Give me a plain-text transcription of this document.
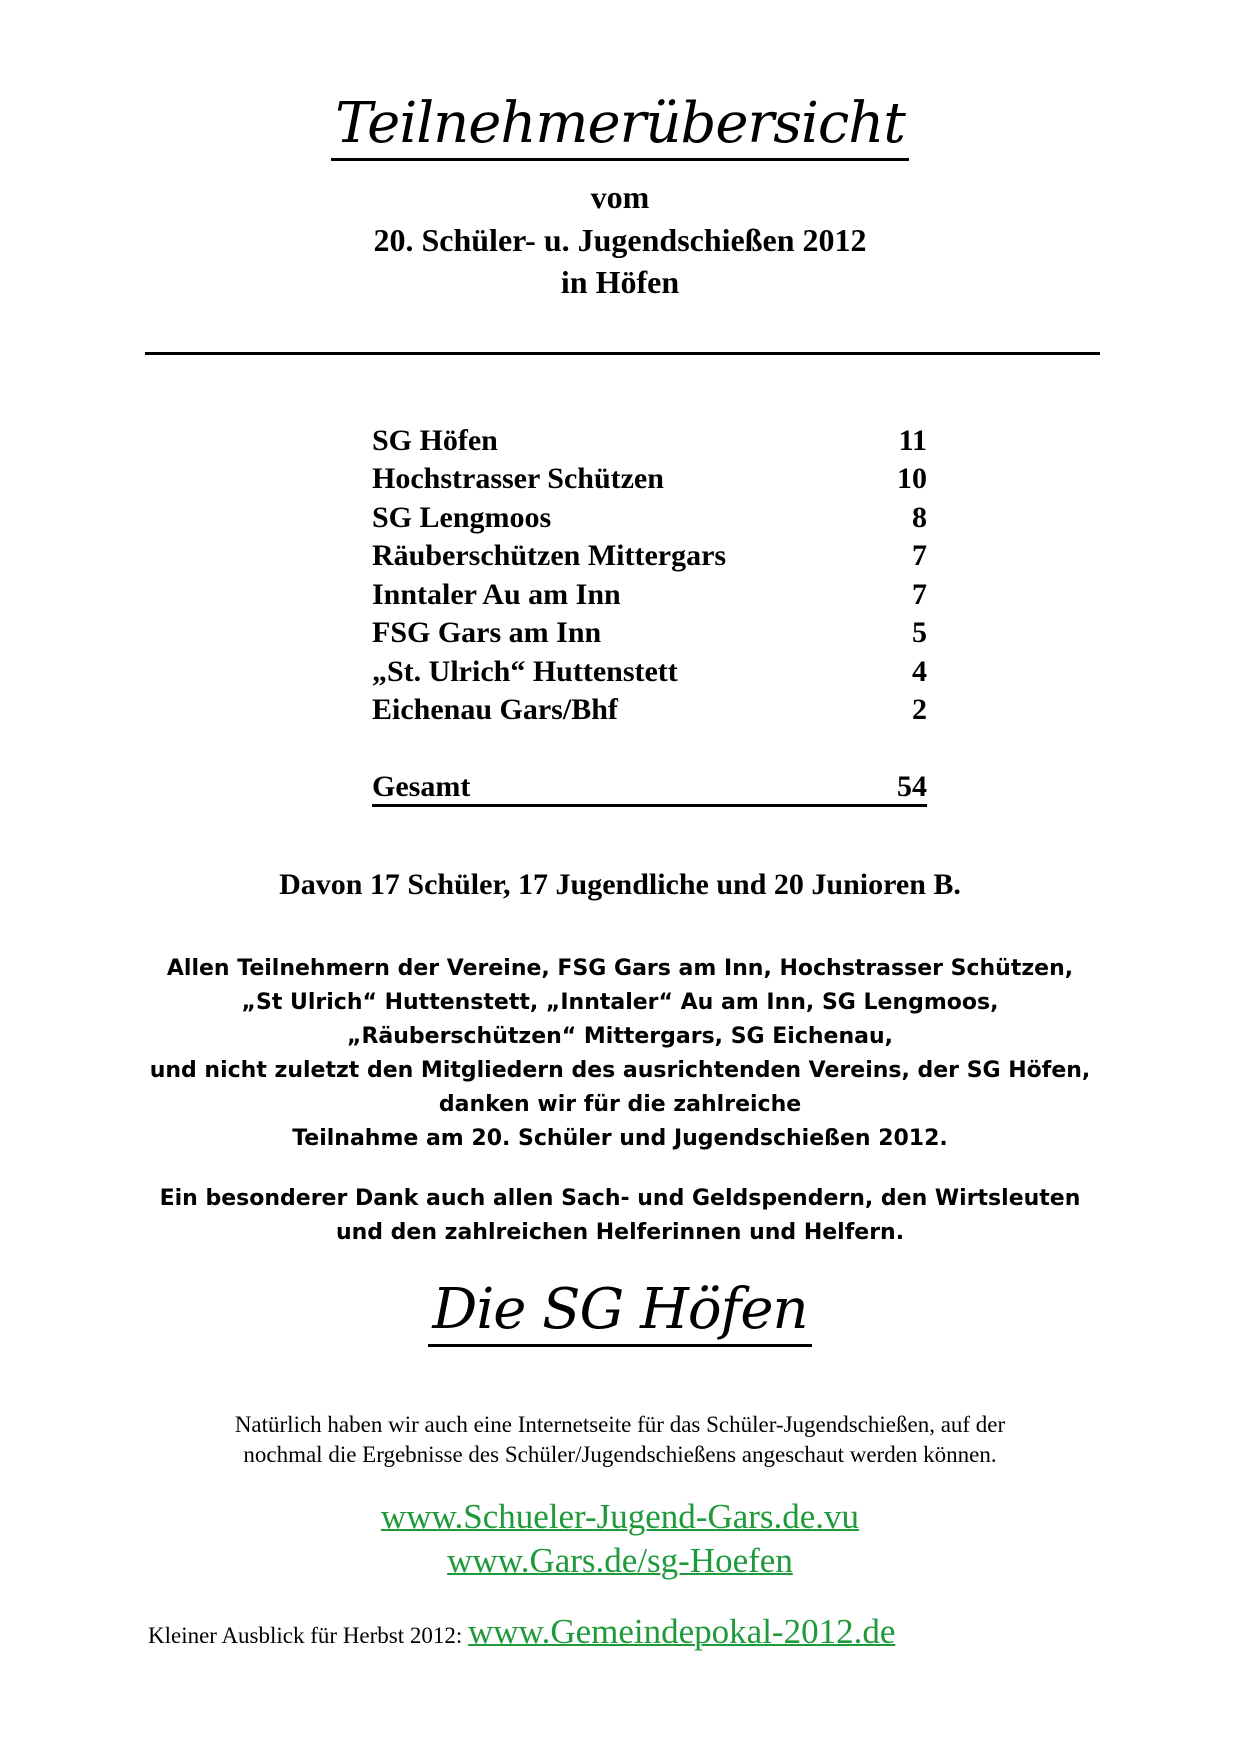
Teilnehmerübersicht
vom
20. Schüler- u. Jugendschießen 2012
in Höfen
SG Höfen	11
Hochstrasser Schützen	10
SG Lengmoos	8
Räuberschützen Mittergars	7
Inntaler Au am Inn	7
FSG Gars am Inn	5
„St. Ulrich“ Huttenstett	4
Eichenau Gars/Bhf	2
Gesamt	54
Davon 17 Schüler, 17 Jugendliche und 20 Junioren B.
Allen Teilnehmern der Vereine, FSG Gars am Inn, Hochstrasser Schützen,
„St Ulrich“ Huttenstett, „Inntaler“ Au am Inn, SG Lengmoos,
„Räuberschützen“ Mittergars, SG Eichenau,
und nicht zuletzt den Mitgliedern des ausrichtenden Vereins, der SG Höfen,
danken wir für die zahlreiche
Teilnahme am 20. Schüler und Jugendschießen 2012.
Ein besonderer Dank auch allen Sach- und Geldspendern, den Wirtsleuten
und den zahlreichen Helferinnen und Helfern.
Die SG Höfen
Natürlich haben wir auch eine Internetseite für das Schüler-Jugendschießen, auf der
nochmal die Ergebnisse des Schüler/Jugendschießens angeschaut werden können.
www.Schueler-Jugend-Gars.de.vu
www.Gars.de/sg-Hoefen
Kleiner Ausblick für Herbst 2012: www.Gemeindepokal-2012.de
